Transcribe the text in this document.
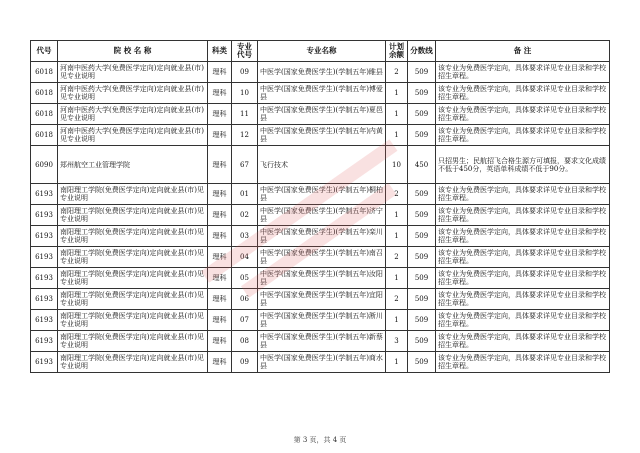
代号	院 校 名 称	科类	专业代号	专业名称	计划余额	分数线	备 注
6018	河南中医药大学(免费医学定向)定向就业县(市)见专业说明	理科	09	中医学(国家免费医学生)(学制五年)睢县	2	509	该专业为免费医学定向，具体要求详见专业目录和学校招生章程。
6018	河南中医药大学(免费医学定向)定向就业县(市)见专业说明	理科	10	中医学(国家免费医学生)(学制五年)博爱县	1	509	该专业为免费医学定向，具体要求详见专业目录和学校招生章程。
6018	河南中医药大学(免费医学定向)定向就业县(市)见专业说明	理科	11	中医学(国家免费医学生)(学制五年)夏邑县	1	509	该专业为免费医学定向，具体要求详见专业目录和学校招生章程。
6018	河南中医药大学(免费医学定向)定向就业县(市)见专业说明	理科	12	中医学(国家免费医学生)(学制五年)内黄县	1	509	该专业为免费医学定向，具体要求详见专业目录和学校招生章程。
6090	郑州航空工业管理学院	理科	67	飞行技术	10	450	只招男生；民航招飞合格生源方可填报，要求文化成绩不低于450分，英语单科成绩不低于90分。
6193	南阳理工学院(免费医学定向)定向就业县(市)见专业说明	理科	01	中医学(国家免费医学生)(学制五年)桐柏县	2	509	该专业为免费医学定向，具体要求详见专业目录和学校招生章程。
6193	南阳理工学院(免费医学定向)定向就业县(市)见专业说明	理科	02	中医学(国家免费医学生)(学制五年)济宁县	1	509	该专业为免费医学定向，具体要求详见专业目录和学校招生章程。
6193	南阳理工学院(免费医学定向)定向就业县(市)见专业说明	理科	03	中医学(国家免费医学生)(学制五年)栾川县	1	509	该专业为免费医学定向，具体要求详见专业目录和学校招生章程。
6193	南阳理工学院(免费医学定向)定向就业县(市)见专业说明	理科	04	中医学(国家免费医学生)(学制五年)南召县	2	509	该专业为免费医学定向，具体要求详见专业目录和学校招生章程。
6193	南阳理工学院(免费医学定向)定向就业县(市)见专业说明	理科	05	中医学(国家免费医学生)(学制五年)汝阳县	1	509	该专业为免费医学定向，具体要求详见专业目录和学校招生章程。
6193	南阳理工学院(免费医学定向)定向就业县(市)见专业说明	理科	06	中医学(国家免费医学生)(学制五年)宜阳县	2	509	该专业为免费医学定向，具体要求详见专业目录和学校招生章程。
6193	南阳理工学院(免费医学定向)定向就业县(市)见专业说明	理科	07	中医学(国家免费医学生)(学制五年)淅川县	1	509	该专业为免费医学定向，具体要求详见专业目录和学校招生章程。
6193	南阳理工学院(免费医学定向)定向就业县(市)见专业说明	理科	08	中医学(国家免费医学生)(学制五年)新蔡县	3	509	该专业为免费医学定向，具体要求详见专业目录和学校招生章程。
6193	南阳理工学院(免费医学定向)定向就业县(市)见专业说明	理科	09	中医学(国家免费医学生)(学制五年)商水县	1	509	该专业为免费医学定向，具体要求详见专业目录和学校招生章程。
第 3 页，共 4 页
